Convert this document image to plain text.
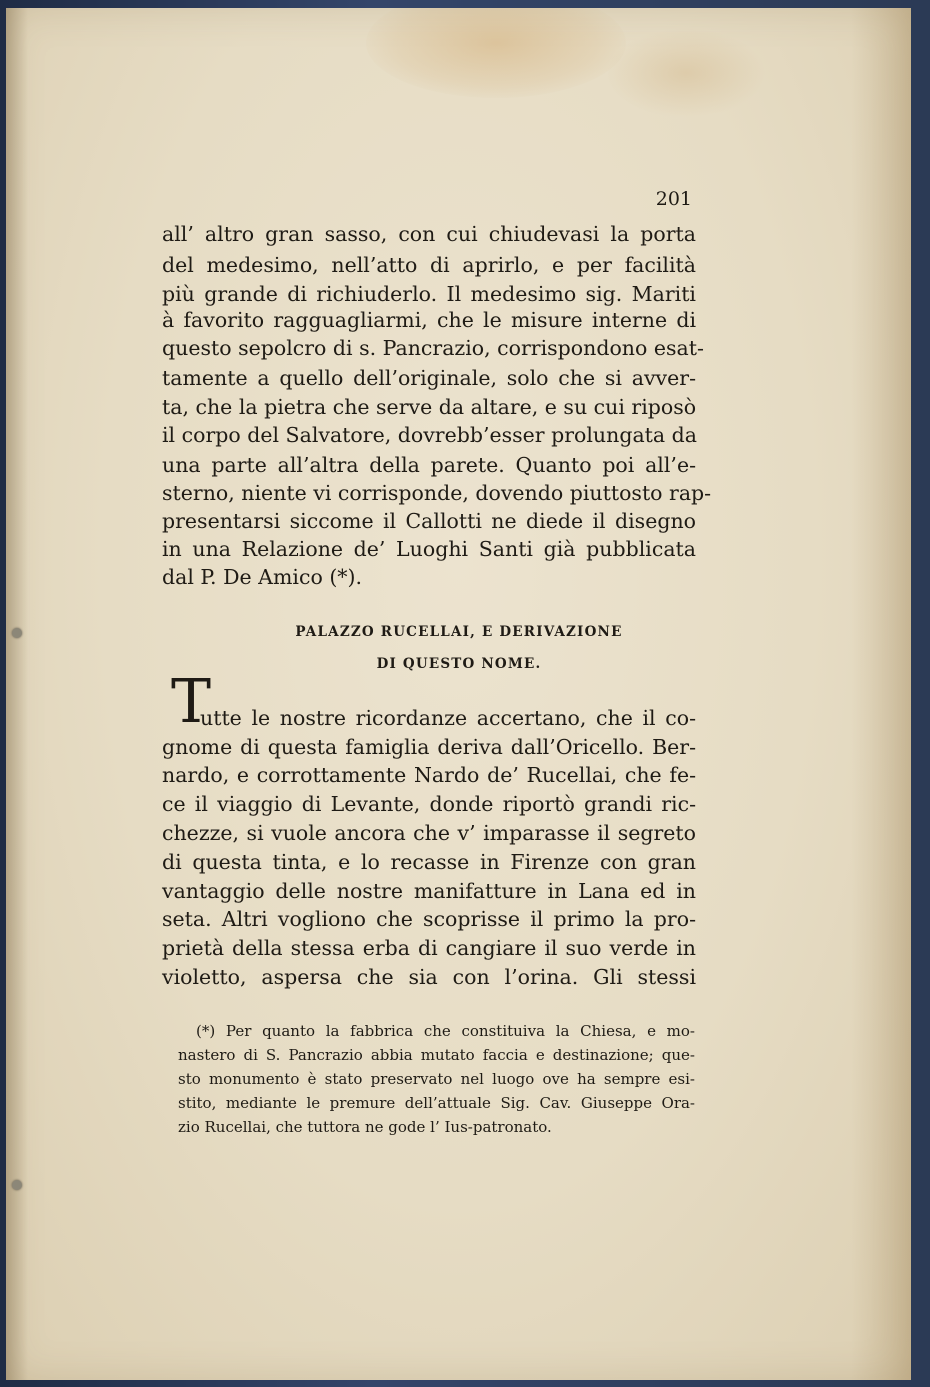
201
all’ altro gran sasso, con cui chiudevasi la porta
del medesimo, nell’atto di aprirlo, e per facilità
più grande di richiuderlo. Il medesimo sig. Mariti
à favorito ragguagliarmi, che le misure interne di
questo sepolcro di s. Pancrazio, corrispondono esat-
tamente a quello dell’originale, solo che si avver-
ta, che la pietra che serve da altare, e su cui riposò
il corpo del Salvatore, dovrebb’esser prolungata da
una parte all’altra della parete. Quanto poi all’e-
sterno, niente vi corrisponde, dovendo piuttosto rap-
presentarsi siccome il Callotti ne diede il disegno
in una Relazione de’ Luoghi Santi già pubblicata
dal P. De Amico (*).
PALAZZO RUCELLAI, E DERIVAZIONE
DI QUESTO NOME.
T
utte le nostre ricordanze accertano, che il co-
gnome di questa famiglia deriva dall’Oricello. Ber-
nardo, e corrottamente Nardo de’ Rucellai, che fe-
ce il viaggio di Levante, donde riportò grandi ric-
chezze, si vuole ancora che v’ imparasse il segreto
di questa tinta, e lo recasse in Firenze con gran
vantaggio delle nostre manifatture in Lana ed in
seta. Altri vogliono che scoprisse il primo la pro-
prietà della stessa erba di cangiare il suo verde in
violetto, aspersa che sia con l’orina. Gli stessi
(*) Per quanto la fabbrica che constituiva la Chiesa, e mo-
nastero di S. Pancrazio abbia mutato faccia e destinazione; que-
sto monumento è stato preservato nel luogo ove ha sempre esi-
stito, mediante le premure dell’attuale Sig. Cav. Giuseppe Ora-
zio Rucellai, che tuttora ne gode l’ Ius-patronato.
